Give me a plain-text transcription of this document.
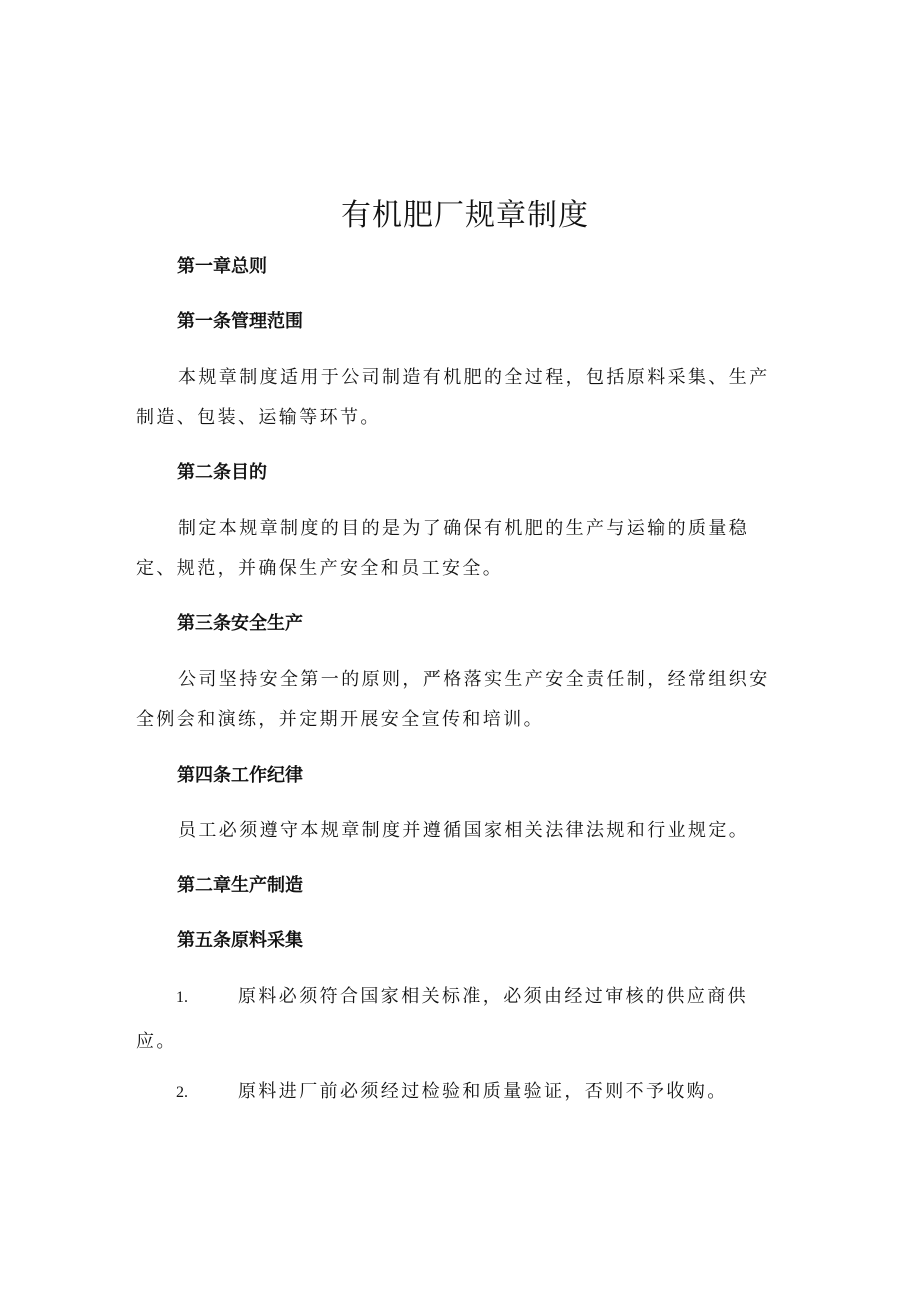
有机肥厂规章制度

第一章总则

第一条管理范围

本规章制度适用于公司制造有机肥的全过程，包括原料采集、生产制造、包装、运输等环节。

第二条目的

制定本规章制度的目的是为了确保有机肥的生产与运输的质量稳定、规范，并确保生产安全和员工安全。

第三条安全生产

公司坚持安全第一的原则，严格落实生产安全责任制，经常组织安全例会和演练，并定期开展安全宣传和培训。

第四条工作纪律

员工必须遵守本规章制度并遵循国家相关法律法规和行业规定。

第二章生产制造

第五条原料采集

1.	原料必须符合国家相关标准，必须由经过审核的供应商供应。

2.	原料进厂前必须经过检验和质量验证，否则不予收购。
